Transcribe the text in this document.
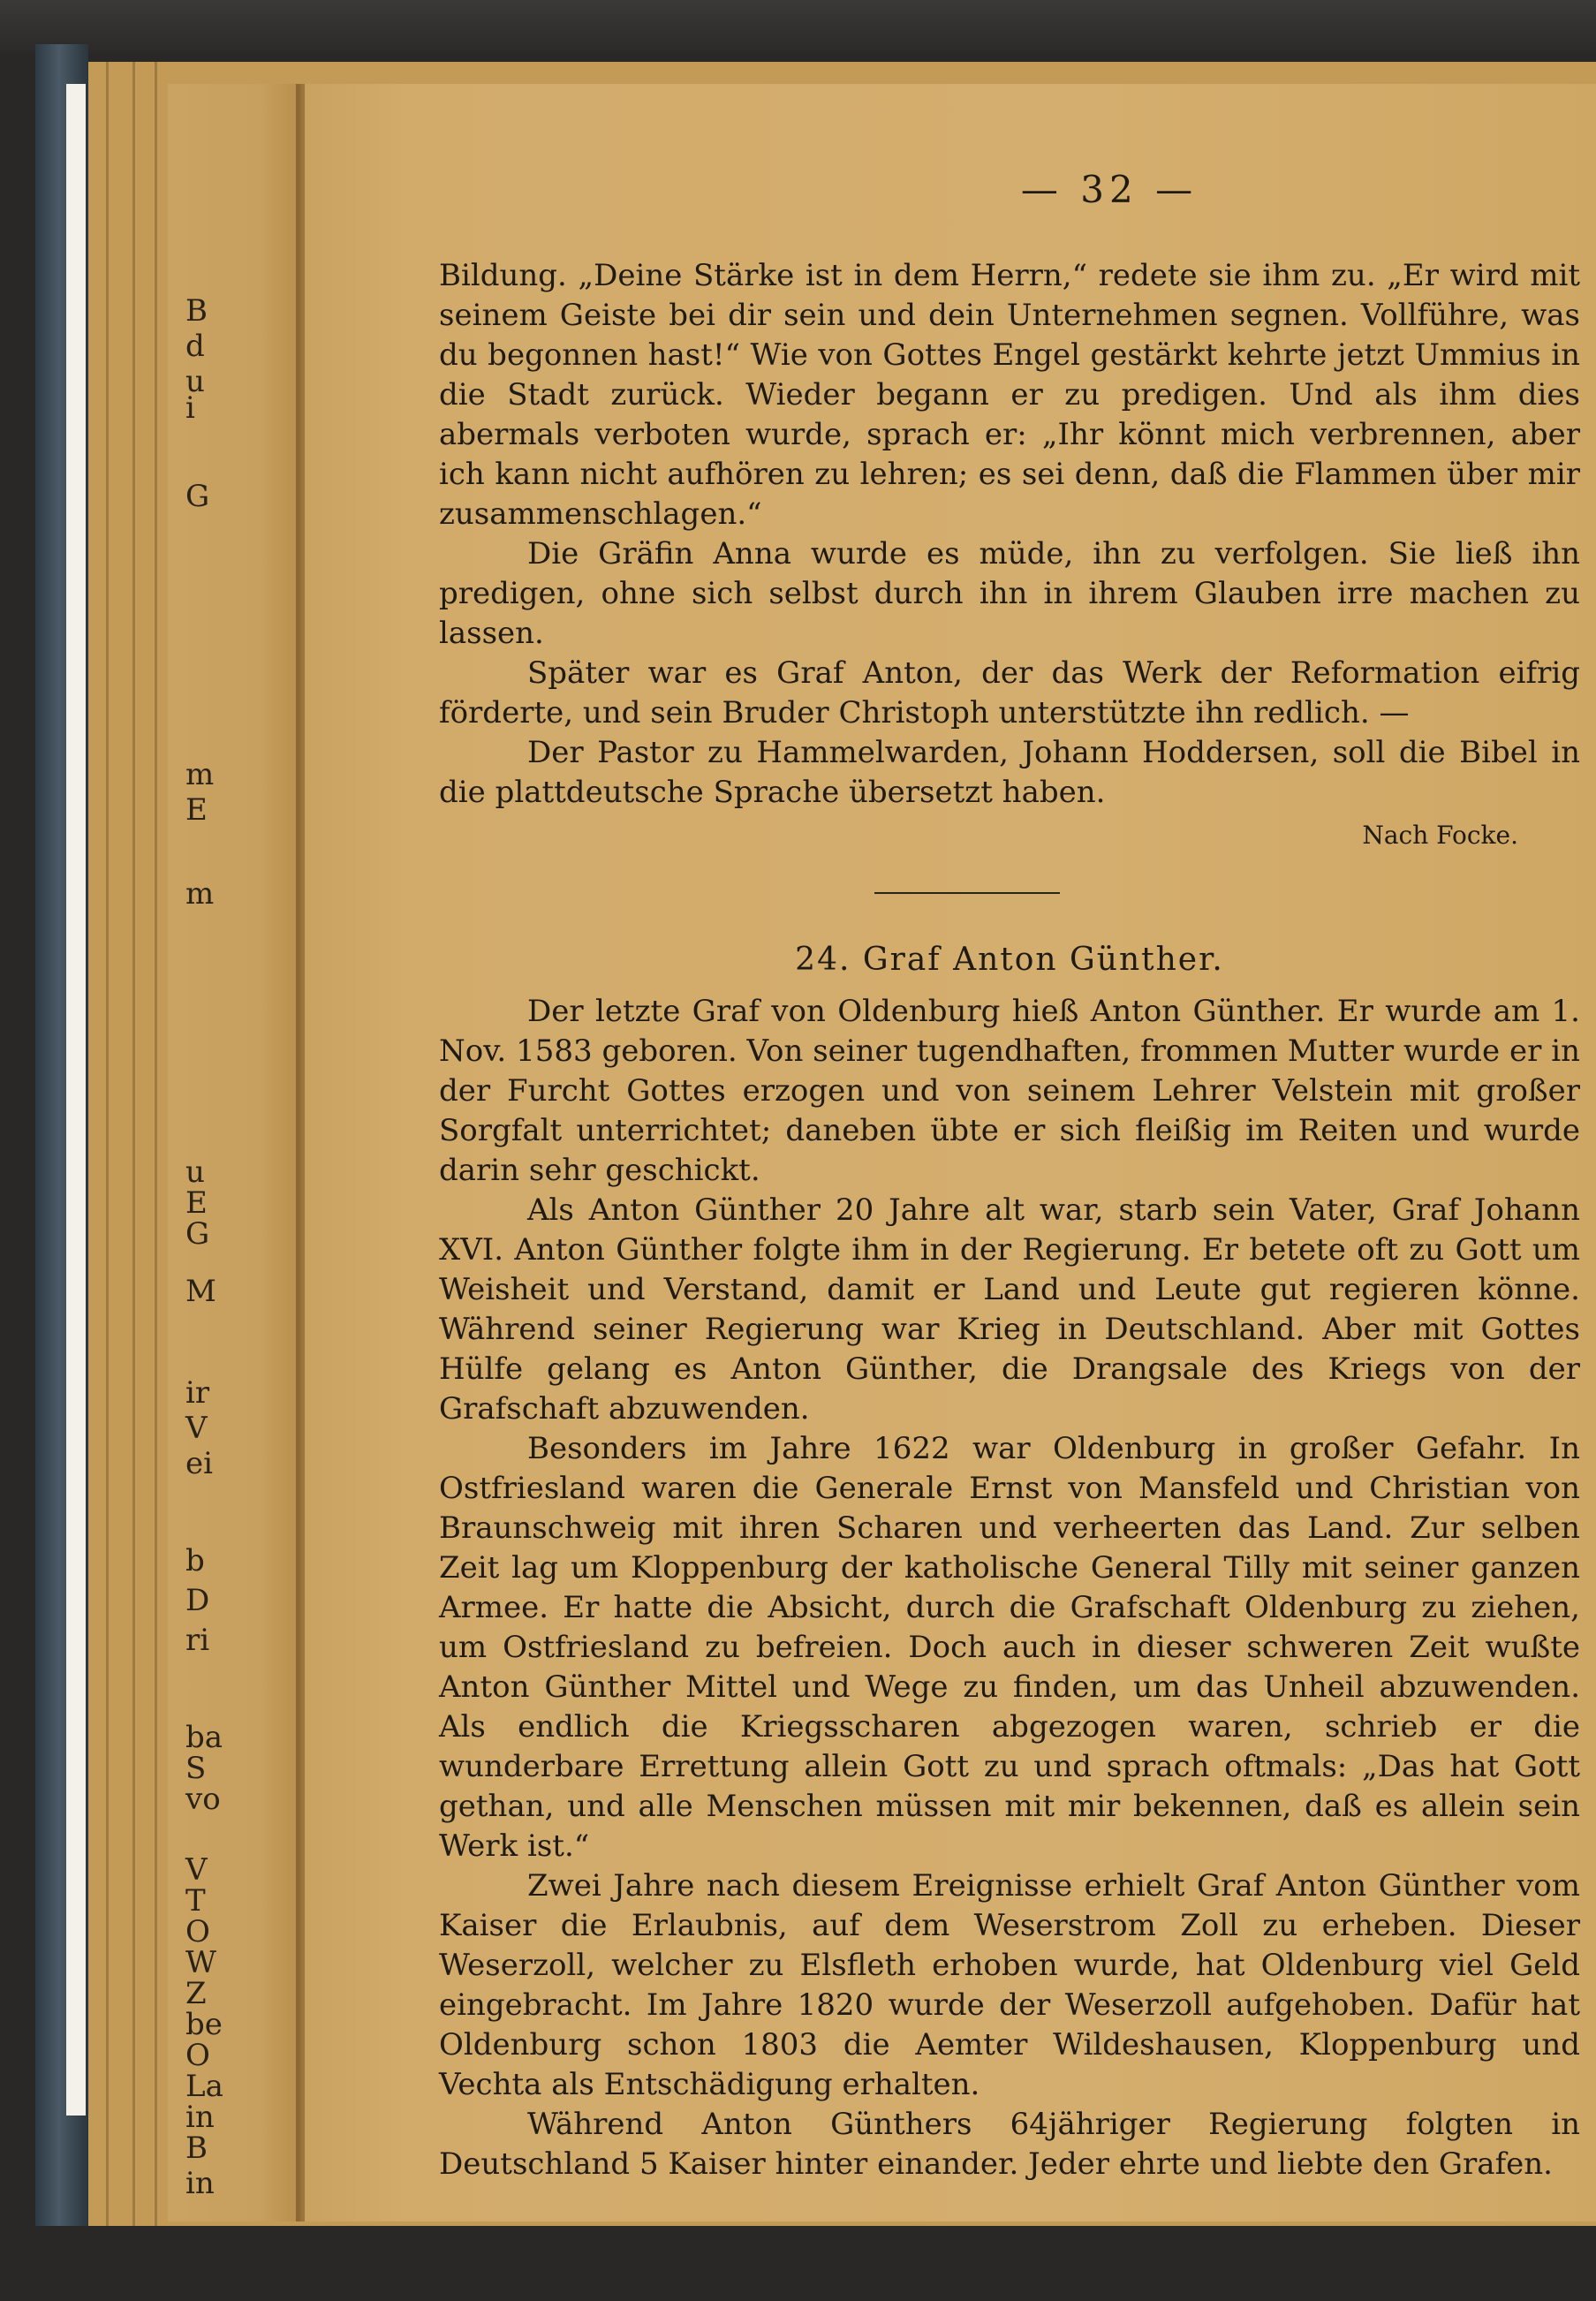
B
d
u
i
G
m
E
m
u
E
G
M
ir
V
ei
b
D
ri
ba
S
vo
V
T
O
W
Z
be
O
La
in
B
in
— 32 —

Bildung. „Deine Stärke ist in dem Herrn,“ redete sie ihm zu. „Er wird mit seinem Geiste bei dir sein und dein Unternehmen segnen. Vollführe, was du begonnen hast!“ Wie von Gottes Engel gestärkt kehrte jetzt Ummius in die Stadt zurück. Wieder begann er zu predigen. Und als ihm dies abermals verboten wurde, sprach er: „Ihr könnt mich verbrennen, aber ich kann nicht aufhören zu lehren; es sei denn, daß die Flammen über mir zusammenschlagen.“

Die Gräfin Anna wurde es müde, ihn zu verfolgen. Sie ließ ihn predigen, ohne sich selbst durch ihn in ihrem Glauben irre machen zu lassen.

Später war es Graf Anton, der das Werk der Reformation eifrig förderte, und sein Bruder Christoph unterstützte ihn redlich. —

Der Pastor zu Hammelwarden, Johann Hoddersen, soll die Bibel in die plattdeutsche Sprache übersetzt haben.

Nach Focke.

24. Graf Anton Günther.

Der letzte Graf von Oldenburg hieß Anton Günther. Er wurde am 1. Nov. 1583 geboren. Von seiner tugendhaften, frommen Mutter wurde er in der Furcht Gottes erzogen und von seinem Lehrer Velstein mit großer Sorgfalt unterrichtet; daneben übte er sich fleißig im Reiten und wurde darin sehr geschickt.

Als Anton Günther 20 Jahre alt war, starb sein Vater, Graf Johann XVI. Anton Günther folgte ihm in der Regierung. Er betete oft zu Gott um Weisheit und Verstand, damit er Land und Leute gut regieren könne. Während seiner Regierung war Krieg in Deutschland. Aber mit Gottes Hülfe gelang es Anton Günther, die Drangsale des Kriegs von der Grafschaft abzuwenden.

Besonders im Jahre 1622 war Oldenburg in großer Gefahr. In Ostfriesland waren die Generale Ernst von Mansfeld und Christian von Braunschweig mit ihren Scharen und verheerten das Land. Zur selben Zeit lag um Kloppenburg der katholische General Tilly mit seiner ganzen Armee. Er hatte die Absicht, durch die Grafschaft Oldenburg zu ziehen, um Ostfriesland zu befreien. Doch auch in dieser schweren Zeit wußte Anton Günther Mittel und Wege zu finden, um das Unheil abzuwenden. Als endlich die Kriegsscharen abgezogen waren, schrieb er die wunderbare Errettung allein Gott zu und sprach oftmals: „Das hat Gott gethan, und alle Menschen müssen mit mir bekennen, daß es allein sein Werk ist.“

Zwei Jahre nach diesem Ereignisse erhielt Graf Anton Günther vom Kaiser die Erlaubnis, auf dem Weserstrom Zoll zu erheben. Dieser Weserzoll, welcher zu Elsfleth erhoben wurde, hat Oldenburg viel Geld eingebracht. Im Jahre 1820 wurde der Weserzoll aufgehoben. Dafür hat Oldenburg schon 1803 die Aemter Wildeshausen, Kloppenburg und Vechta als Entschädigung erhalten.

Während Anton Günthers 64jähriger Regierung folgten in Deutschland 5 Kaiser hinter einander. Jeder ehrte und liebte den Grafen.
